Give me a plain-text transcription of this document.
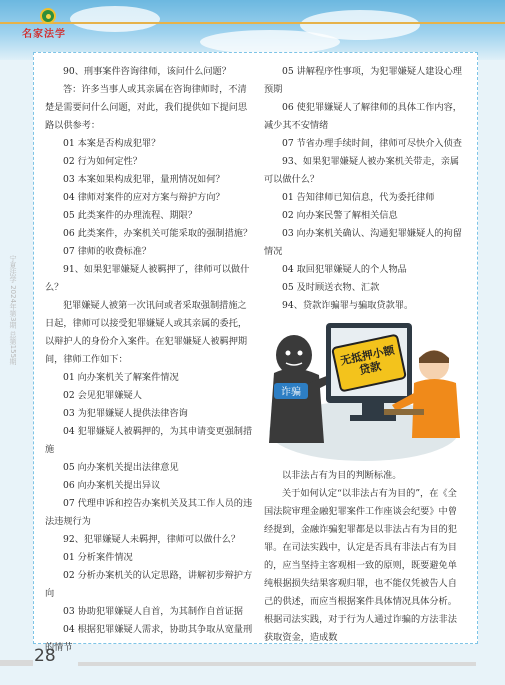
名家法学
宁夏法学 2024年第3期 总第155期

90、刑事案件咨询律师，该问什么问题？

答：许多当事人或其亲属在咨询律师时，不清楚是需要问什么问题，对此，我们提供如下提问思路以供参考：

01 本案是否构成犯罪？

02 行为如何定性？

03 本案如果构成犯罪，量刑情况如何？

04 律师对案件的应对方案与辩护方向？

05 此类案件的办理流程、期限？

06 此类案件，办案机关可能采取的强制措施？

07 律师的收费标准？

91、如果犯罪嫌疑人被羁押了，律师可以做什么？

犯罪嫌疑人被第一次讯问或者采取强制措施之日起，律师可以接受犯罪嫌疑人或其亲属的委托，以辩护人的身份介入案件。在犯罪嫌疑人被羁押期间，律师工作如下：

01 向办案机关了解案件情况

02 会见犯罪嫌疑人

03 为犯罪嫌疑人提供法律咨询

04 犯罪嫌疑人被羁押的，为其申请变更强制措施

05 向办案机关提出法律意见

06 向办案机关提出异议

07 代理申诉和控告办案机关及其工作人员的违法违规行为

92、犯罪嫌疑人未羁押，律师可以做什么？

01 分析案件情况

02 分析办案机关的认定思路，讲解初步辩护方向

03 协助犯罪嫌疑人自首，为其制作自首证据

04 根据犯罪嫌疑人需求，协助其争取从宽量刑的情节

05 讲解程序性事项，为犯罪嫌疑人建设心理预期

06 使犯罪嫌疑人了解律师的具体工作内容，减少其不安情绪

07 节省办理手续时间，律师可尽快介入侦查

93、如果犯罪嫌疑人被办案机关带走，亲属可以做什么？

01 告知律师已知信息，代为委托律师

02 向办案民警了解相关信息

03 向办案机关确认、沟通犯罪嫌疑人的拘留情况

04 取回犯罪嫌疑人的个人物品

05 及时顾送衣物、汇款

94、贷款诈骗罪与骗取贷款罪。

诈骗
无抵押小额贷款

以非法占有为目的判断标准。

关于如何认定“以非法占有为目的”，在《全国法院审理金融犯罪案件工作座谈会纪要》中曾经提到，金融诈骗犯罪都是以非法占有为目的犯罪。在司法实践中，认定是否具有非法占有为目的，应当坚持主客观相一致的原则，既要避免单纯根据损失结果客观归罪，也不能仅凭被告人自己的供述，而应当根据案件具体情况具体分析。根据司法实践，对于行为人通过诈骗的方法非法获取资金，造成数

28
